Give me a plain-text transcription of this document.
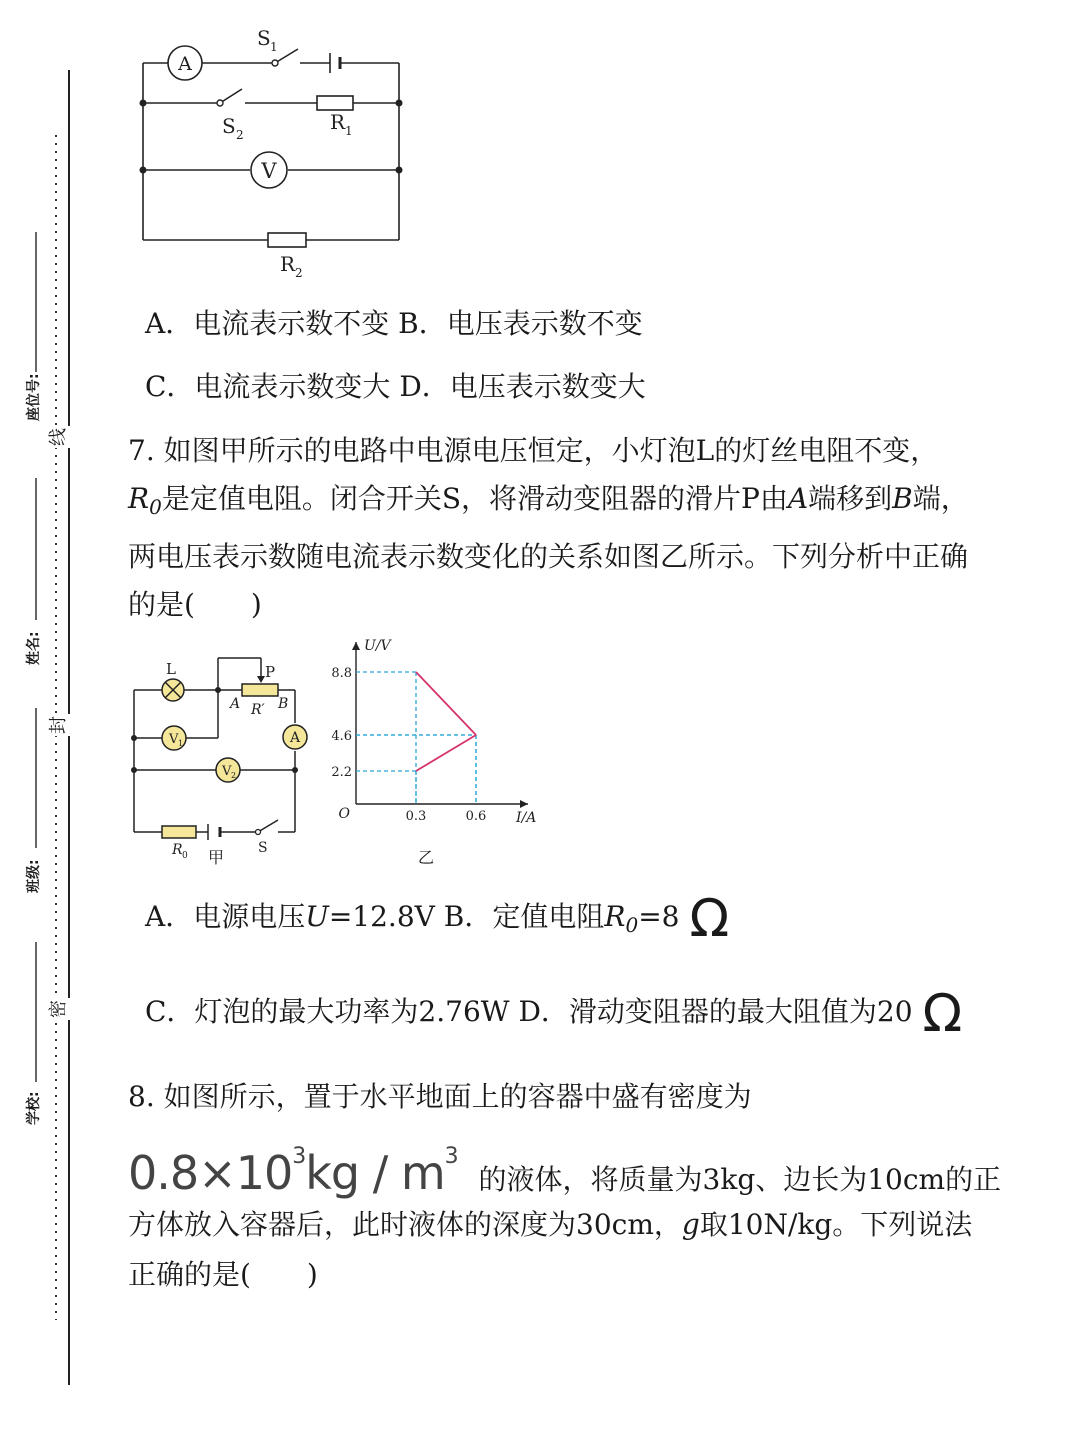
座位号:
姓名:
班级:
学校:
线
封
密
A
S 1
S 2
R 1
V
R 2
A．电流表示数不变 B．电压表示数不变
C．电流表示数变大 D．电压表示数变大
7. 如图甲所示的电路中电源电压恒定，小灯泡L的灯丝电阻不变，
$R_0$是定值电阻。闭合开关S，将滑动变阻器的滑片P由A端移到B端，
两电压表示数随电流表示数变化的关系如图乙所示。下列分析中正确
的是(　　)
L	P
A R′ B
V 1	A
V 2
R 0	S
甲
U/V
I/A
O
2.2
4.6
8.8
0.3	0.6
乙
A．电源电压U=12.8V B．定值电阻$R_0=8$ Ω
C．灯泡的最大功率为2.76W D．滑动变阻器的最大阻值为20 Ω
8. 如图所示，置于水平地面上的容器中盛有密度为
$0.8\times 10^3kg / m^3$ 的液体，将质量为3kg、边长为10cm的正
方体放入容器后，此时液体的深度为30cm，g取10N/kg。下列说法
正确的是(　　)
